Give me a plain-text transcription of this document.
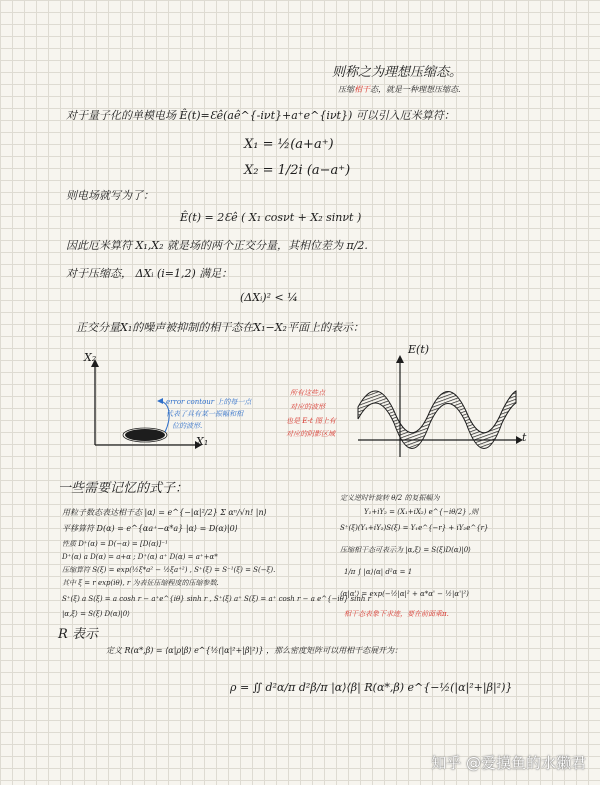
则称之为理想压缩态。
压缩相干态，就是一种理想压缩态.
对于量子化的单模电场 Ê(t)=Ɛê(aê^{-iνt}+a⁺e^{iνt}) 可以引入厄米算符：
X₁ = ½(a+a⁺)
X₂ = 1/2i (a−a⁺)
则电场就写为了：
Ê(t) = 2Ɛê ( X₁ cosνt + X₂ sinνt )
因此厄米算符 X₁,X₂ 就是场的两个正交分量，其相位差为 π/2.
对于压缩态， ΔXᵢ (i=1,2) 满足：
(ΔXᵢ)² < ¼
正交分量X₁的噪声被抑制的相干态在X₁−X₂平面上的表示：
X₂
X₁
error contour 上的每一点
代表了具有某一振幅和相
位的波形.
所有这些点
对应的波形
也是 E-t 图上有
对应的阴影区域
E(t)
t
一些需要记忆的式子：
用粒子数态表达相干态 |α⟩ = e^{−|α|²/2} Σ αⁿ/√n! |n⟩
平移算符 D(α) = e^{αa⁺−α*a} |α⟩ = D(α)|0⟩
性质 D⁺(α) = D(−α) = [D(α)]⁻¹
D⁺(α) a D(α) = a+α ; D⁺(α) a⁺ D(α) = a⁺+α*
压缩算符 S(ξ) = exp(½ξ*a² − ½ξa⁺²) , S⁺(ξ) = S⁻¹(ξ) = S(−ξ).
其中 ξ = r exp(iθ), r 为表征压缩程度的压缩参数.
S⁺(ξ) a S(ξ) = a cosh r − a⁺e^{iθ} sinh r , S⁺(ξ) a⁺ S(ξ) = a⁺ cosh r − a e^{−iθ} sinh r
|α,ξ⟩ = S(ξ) D(α)|0⟩
定义逆时针旋转 θ/2 的复振幅为
Y₁+iY₂ = (X₁+iX₂) e^{−iθ/2} ,则
S⁺(ξ)(Y₁+iY₂)S(ξ) = Y₁e^{−r} + iY₂e^{r}
压缩相干态可表示为 |α,ξ⟩ = S(ξ)D(α)|0⟩
1/π ∫ |α⟩⟨α| d²α = 1
⟨α|α'⟩ = exp(−½|α|² + α*α' − ½|α'|²)
相干态表象下求迹，要在前面乘π.
R 表示
定义 R(α*,β) = ⟨α|ρ|β⟩ e^{½(|α|²+|β|²)} ，那么密度矩阵可以用相干态展开为：
ρ = ∬ d²α/π d²β/π |α⟩⟨β| R(α*,β) e^{−½(|α|²+|β|²)}
知乎 @爱摸鱼的水獭君
